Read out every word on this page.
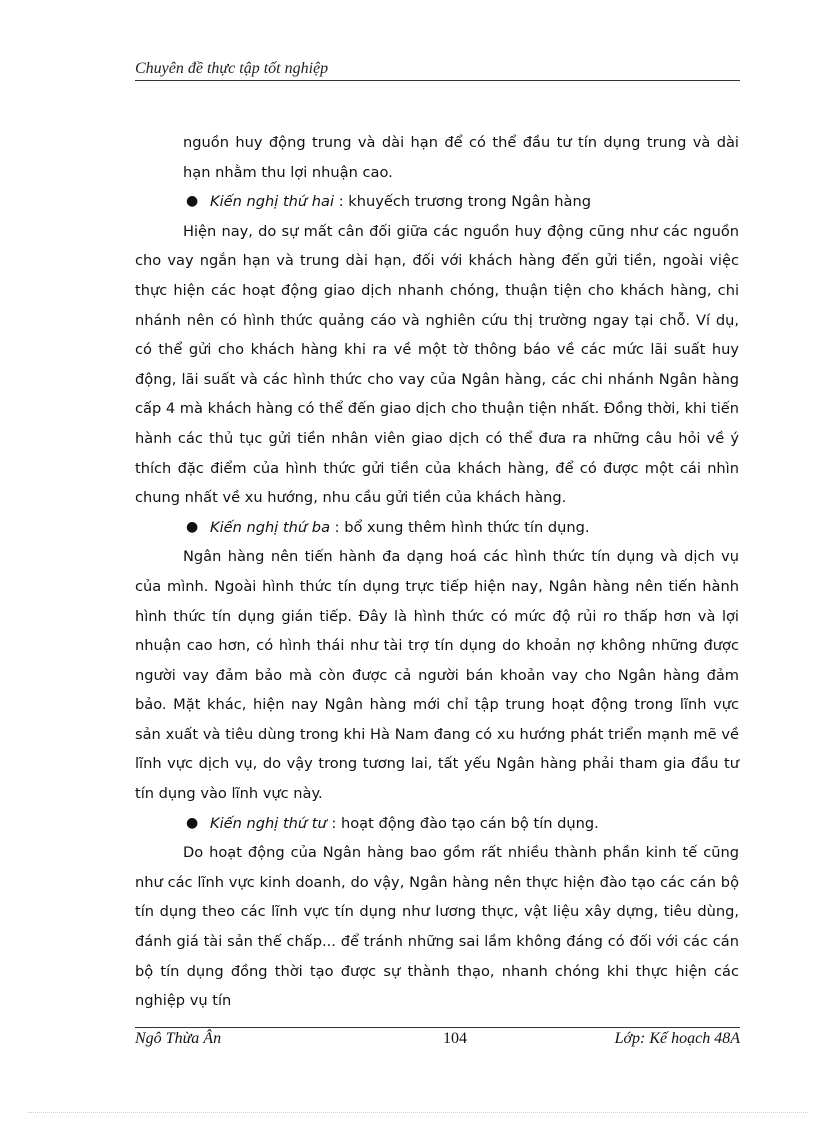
Chuyên đề thực tập tốt nghiệp

nguồn huy động trung và dài hạn để có thể đầu tư tín dụng trung và dài hạn nhằm thu lợi nhuận cao.

● Kiến nghị thứ hai : khuyếch trương trong Ngân hàng

Hiện nay, do sự mất cân đối giữa các nguồn huy động cũng như các nguồn cho vay ngắn hạn và trung dài hạn, đối với khách hàng đến gửi tiền, ngoài việc thực hiện các hoạt động giao dịch nhanh chóng, thuận tiện cho khách hàng, chi nhánh nên có hình thức quảng cáo và nghiên cứu thị trường ngay tại chỗ. Ví dụ, có thể gửi cho khách hàng khi ra về một tờ thông báo về các mức lãi suất huy động, lãi suất và các hình thức cho vay của Ngân hàng, các chi nhánh Ngân hàng cấp 4 mà khách hàng có thể đến giao dịch cho thuận tiện nhất. Đồng thời, khi tiến hành các thủ tục gửi tiền nhân viên giao dịch có thể đưa ra những câu hỏi về ý thích đặc điểm của hình thức gửi tiền của khách hàng, để có được một cái nhìn chung nhất về xu hướng, nhu cầu gửi tiền của khách hàng.

● Kiến nghị thứ ba : bổ xung thêm hình thức tín dụng.

Ngân hàng nên tiến hành đa dạng hoá các hình thức tín dụng và dịch vụ của mình. Ngoài hình thức tín dụng trực tiếp hiện nay, Ngân hàng nên tiến hành hình thức tín dụng gián tiếp. Đây là hình thức có mức độ rủi ro thấp hơn và lợi nhuận cao hơn, có hình thái như tài trợ tín dụng do khoản nợ không những được người vay đảm bảo mà còn được cả người bán khoản vay cho Ngân hàng đảm bảo. Mặt khác, hiện nay Ngân hàng mới chỉ tập trung hoạt động trong lĩnh vực sản xuất và tiêu dùng trong khi Hà Nam đang có xu hướng phát triển mạnh mẽ về lĩnh vực dịch vụ, do vậy trong tương lai, tất yếu Ngân hàng phải tham gia đầu tư tín dụng vào lĩnh vực này.

● Kiến nghị thứ tư : hoạt động đào tạo cán bộ tín dụng.

Do hoạt động của Ngân hàng bao gồm rất nhiều thành phần kinh tế cũng như các lĩnh vực kinh doanh, do vậy, Ngân hàng nên thực hiện đào tạo các cán bộ tín dụng theo các lĩnh vực tín dụng như lương thực, vật liệu xây dựng, tiêu dùng, đánh giá tài sản thế chấp... để tránh những sai lầm không đáng có đối với các cán bộ tín dụng đồng thời tạo được sự thành thạo, nhanh chóng khi thực hiện các nghiệp vụ tín

Ngô Thừa Ân	104	Lớp: Kế hoạch 48A
